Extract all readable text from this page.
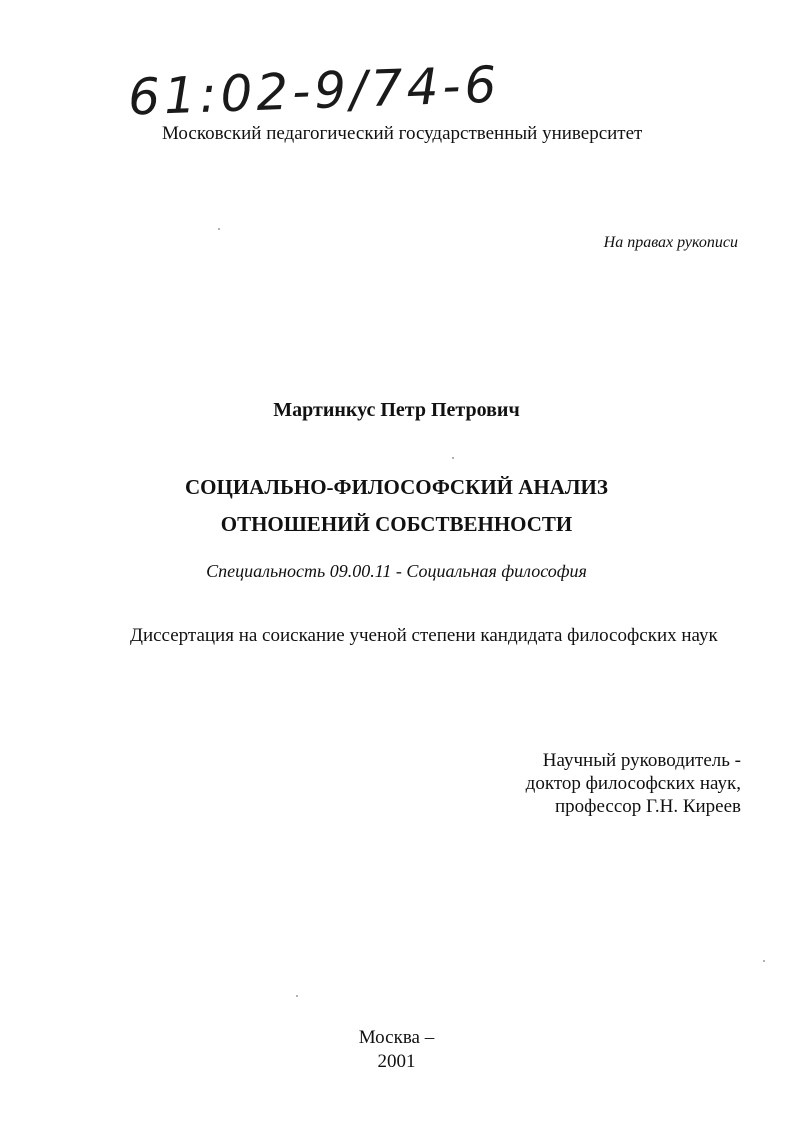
61:02-9/74-6
Московский педагогический государственный университет
На правах рукописи
Мартинкус Петр Петрович
СОЦИАЛЬНО-ФИЛОСОФСКИЙ АНАЛИЗ
ОТНОШЕНИЙ СОБСТВЕННОСТИ
Специальность 09.00.11 - Социальная философия
Диссертация на соискание ученой степени кандидата философских наук
Научный руководитель -
доктор философских наук,
профессор Г.Н. Киреев
Москва –
2001
